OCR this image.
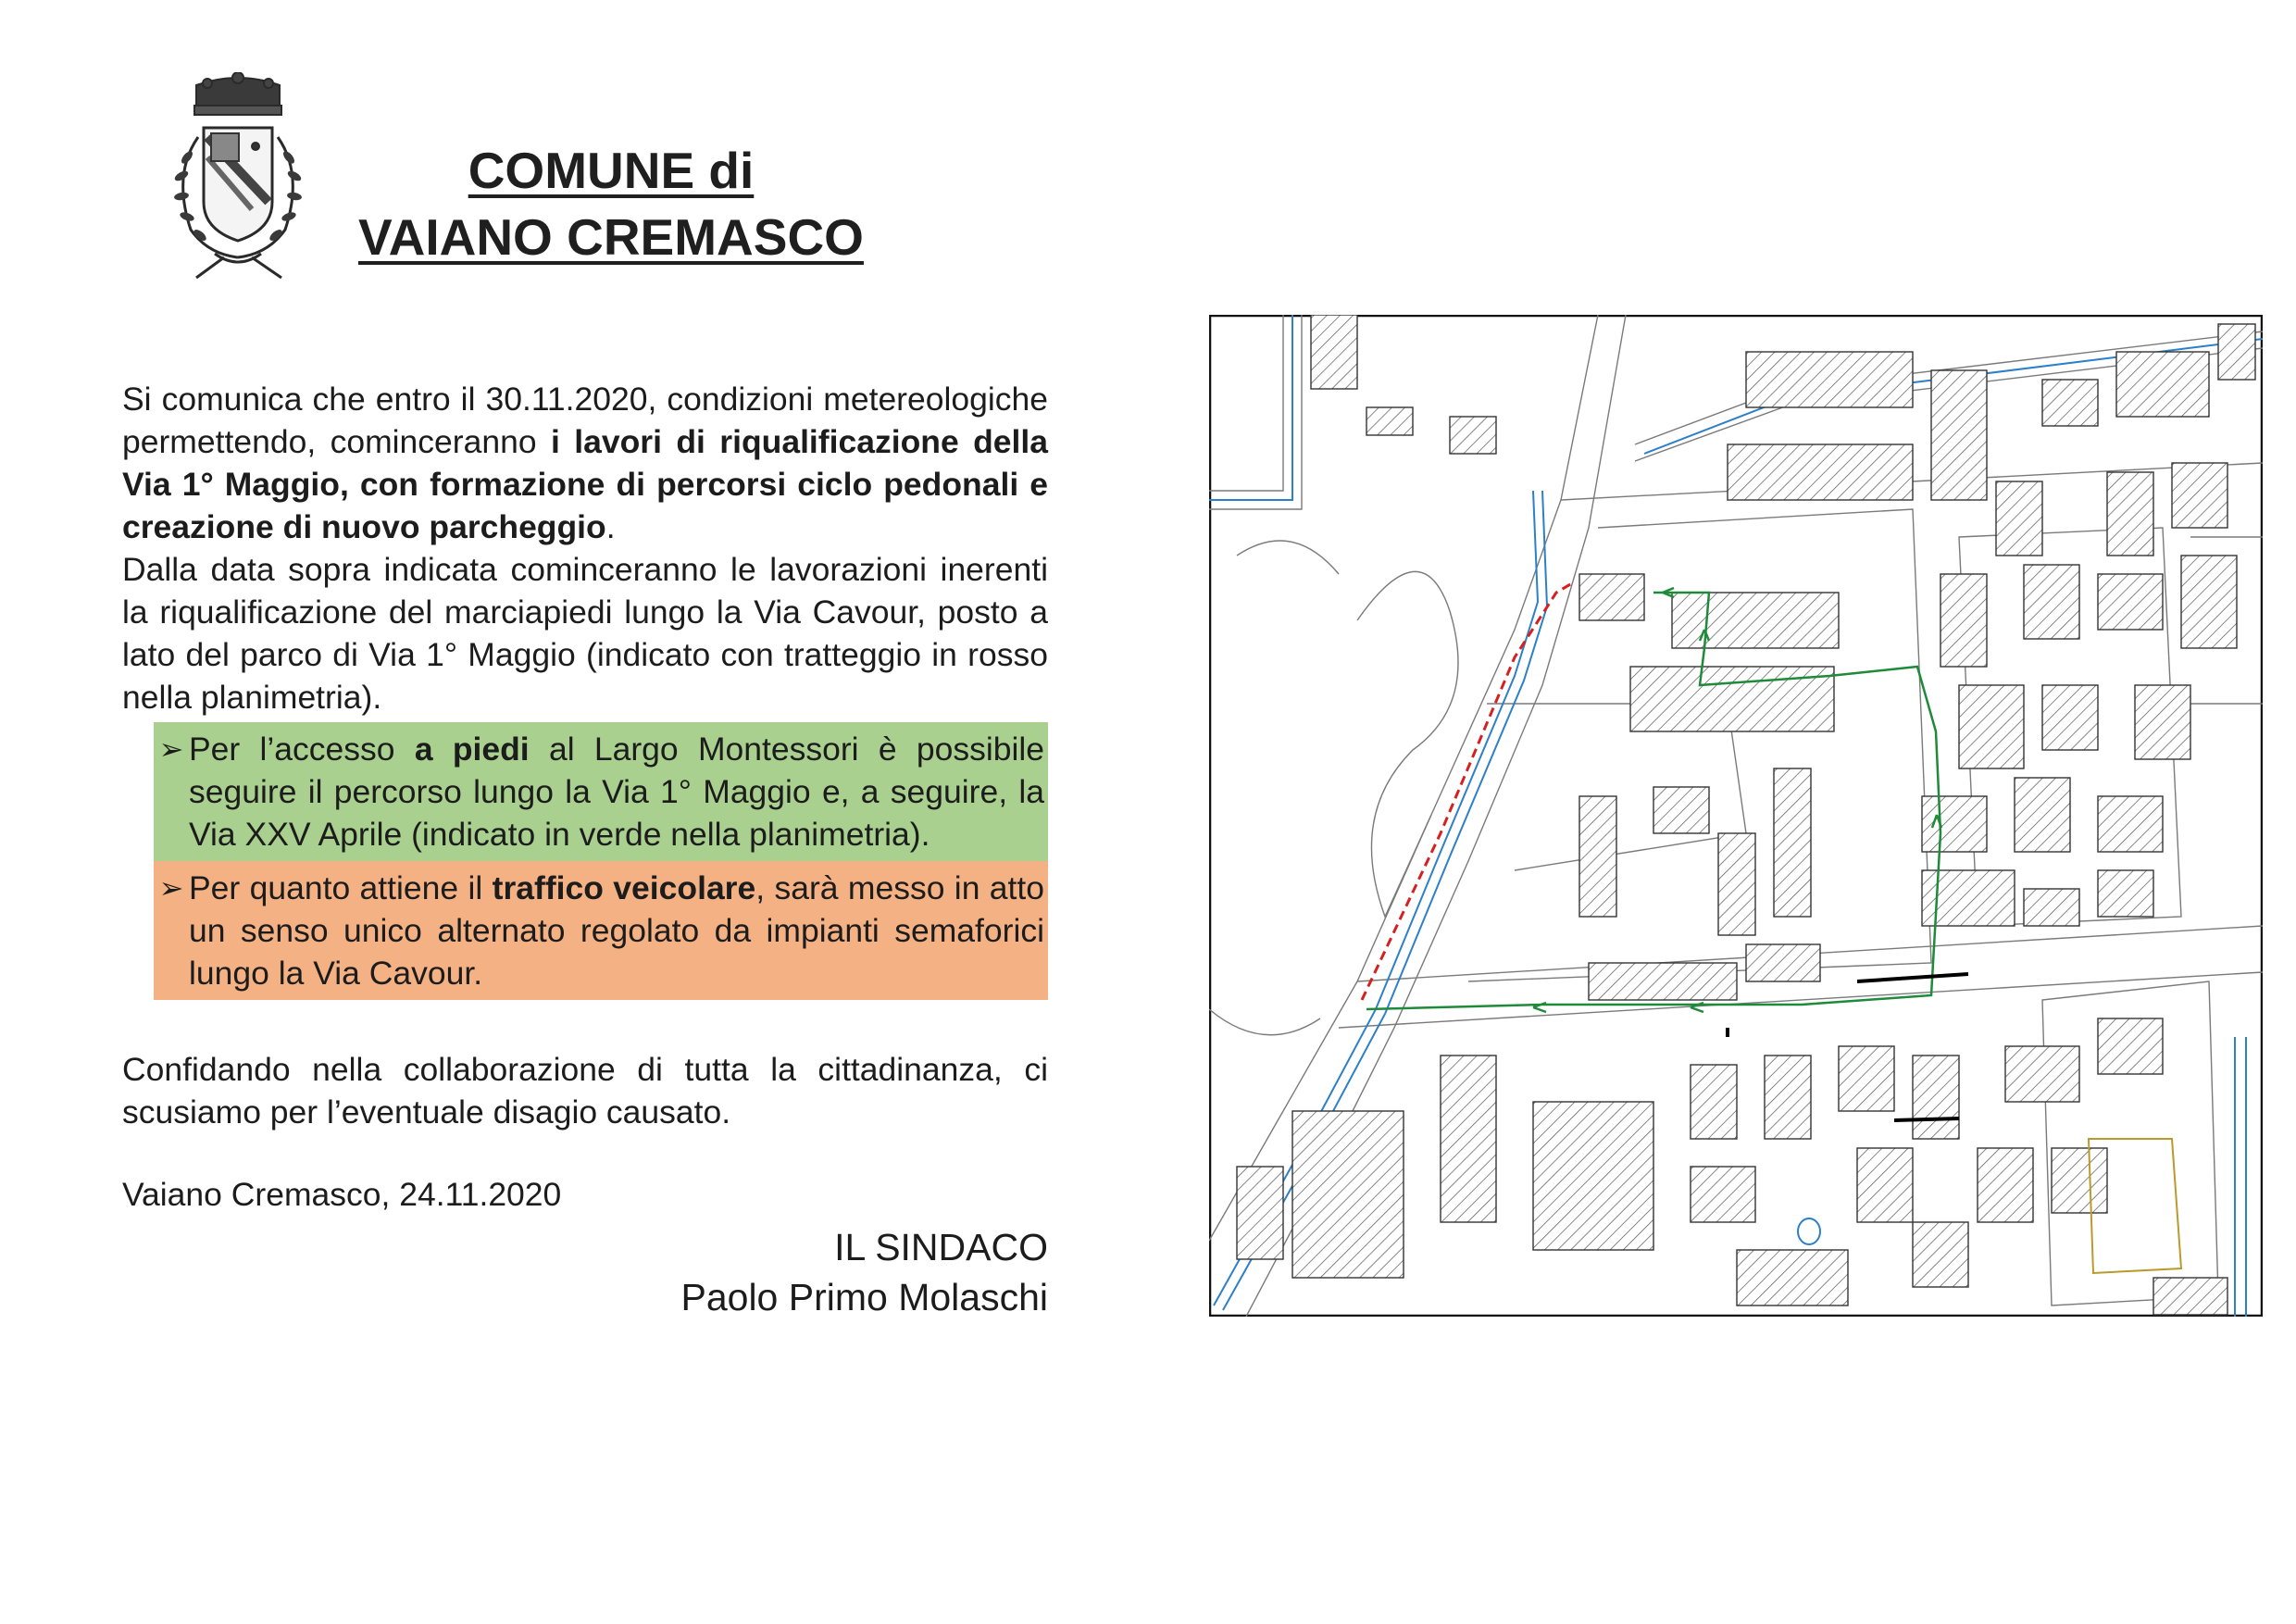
COMUNE di
VAIANO CREMASCO

Si comunica che entro il 30.11.2020, condizioni metereologiche permettendo, cominceranno i lavori di riqualificazione della Via 1° Maggio, con formazione di percorsi ciclo pedonali e creazione di nuovo parcheggio.

Dalla data sopra indicata cominceranno le lavorazioni inerenti la riqualificazione del marciapiedi lungo la Via Cavour, posto a lato del parco di Via 1° Maggio (indicato con tratteggio in rosso nella planimetria).

➢ Per l’accesso a piedi al Largo Montessori è possibile seguire il percorso lungo la Via 1° Maggio e, a seguire, la Via XXV Aprile (indicato in verde nella planimetria).
➢ Per quanto attiene il traffico veicolare, sarà messo in atto un senso unico alternato regolato da impianti semaforici lungo la Via Cavour.
Confidando nella collaborazione di tutta la cittadinanza, ci scusiamo per l’eventuale disagio causato.
Vaiano Cremasco, 24.11.2020
IL SINDACO
Paolo Primo Molaschi
